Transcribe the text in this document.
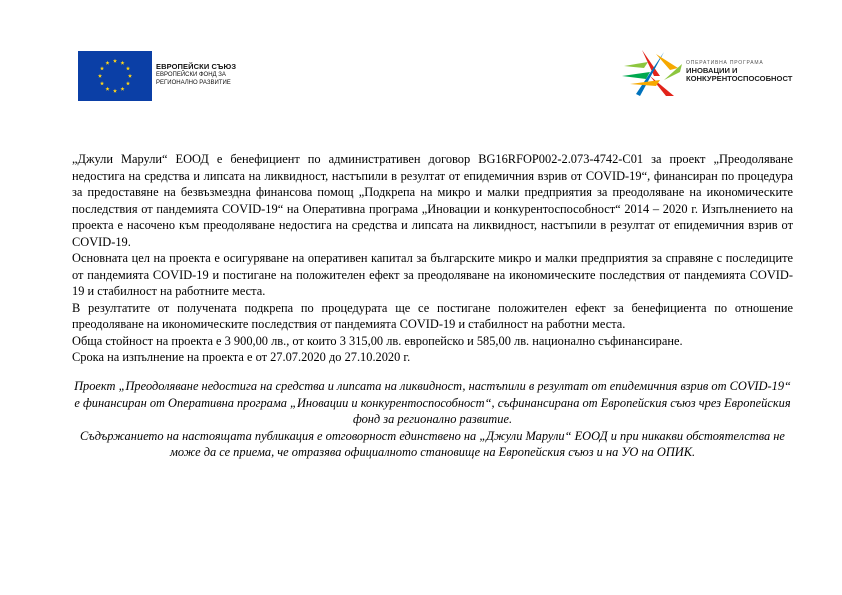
ЕВРОПЕЙСКИ СЪЮЗ
ЕВРОПЕЙСКИ ФОНД ЗА
РЕГИОНАЛНО РАЗВИТИЕ
ОПЕРАТИВНА ПРОГРАМА
ИНОВАЦИИ И
КОНКУРЕНТОСПОСОБНОСТ

„Джули Марули“ ЕООД е бенефициент по административен договор BG16RFOP002-2.073-4742-C01 за проект „Преодоляване недостига на средства и липсата на ликвидност, настъпили в резултат от епидемичния взрив от COVID-19“, финансиран по процедура за предоставяне на безвъзмездна финансова помощ „Подкрепа на микро и малки предприятия за преодоляване на икономическите последствия от пандемията COVID-19“ на Оперативна програма „Иновации и конкурентоспособност“ 2014 – 2020 г. Изпълнението на проекта е насочено към преодоляване недостига на средства и липсата на ликвидност, настъпили в резултат от епидемичния взрив от COVID-19.

Основната цел на проекта е осигуряване на оперативен капитал за българските микро и малки предприятия за справяне с последиците от пандемията COVID-19 и постигане на положителен ефект за преодоляване на икономическите последствия от пандемията COVID-19 и стабилност на работните места.

В резултатите от получената подкрепа по процедурата ще се постигане положителен ефект за бенефициента по отношение преодоляване на икономическите последствия от пандемията COVID-19 и стабилност на работни места.

Обща стойност на проекта е 3 900,00 лв., от които 3 315,00 лв. европейско и 585,00 лв. национално съфинансиране.

Срока на изпълнение на проекта е от 27.07.2020 до 27.10.2020 г.

Проект „Преодоляване недостига на средства и липсата на ликвидност, настъпили в резултат от епидемичния взрив от COVID-19“ е финансиран от Оперативна програма „Иновации и конкурентоспособност“, съфинансирана от Европейския съюз чрез Европейския фонд за регионално развитие.

Съдържанието на настоящата публикация е отговорност единствено на „Джули Марули“ ЕООД и при никакви обстоятелства не може да се приема, че отразява официалното становище на Европейския съюз и на УО на ОПИК.
